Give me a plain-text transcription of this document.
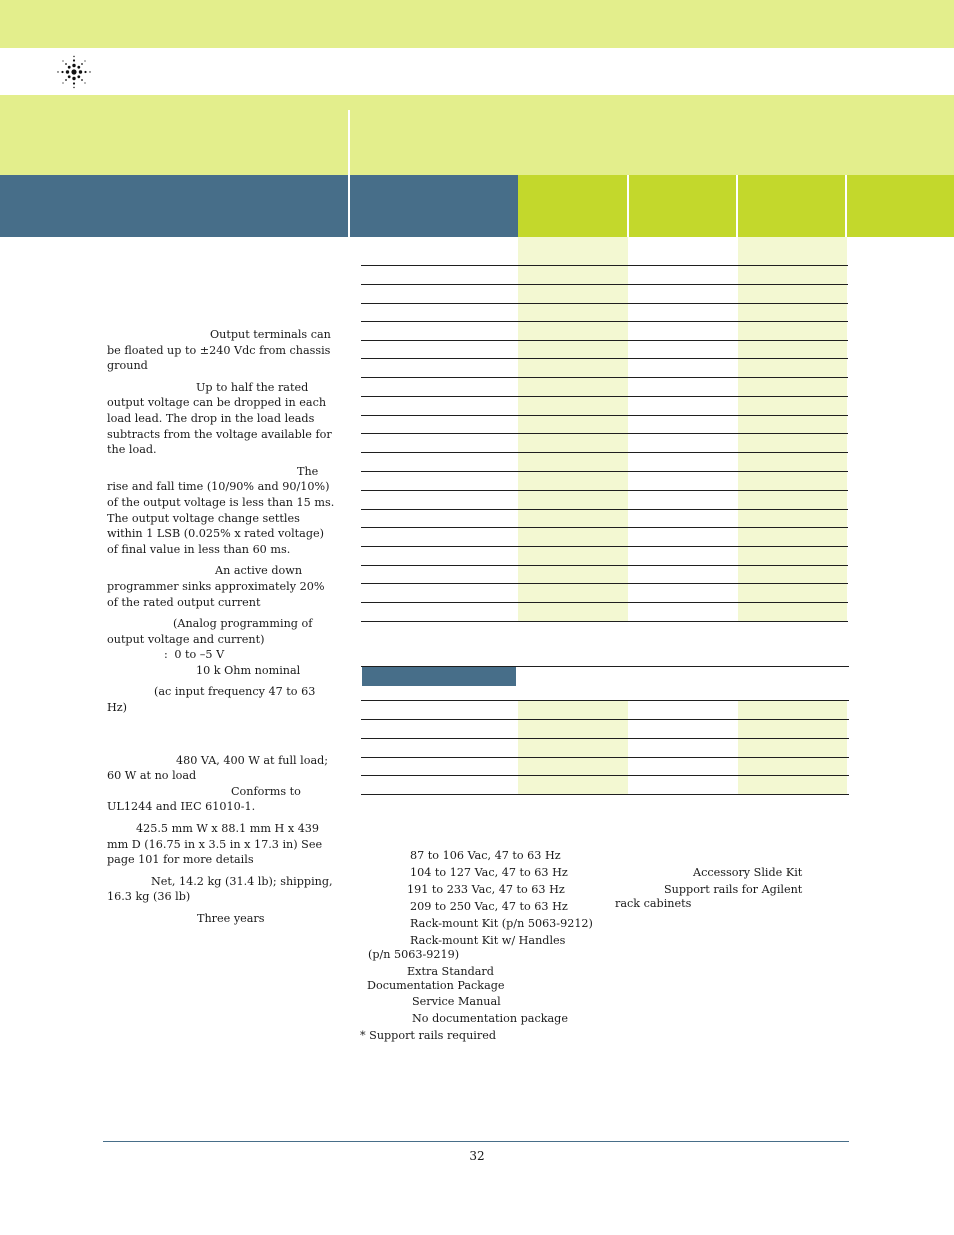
Output terminals can be floated up to ±240 Vdc from chassis ground

Up to half the rated output voltage can be dropped in each load lead. The drop in the load leads subtracts from the voltage available for the load.

The rise and fall time (10/90% and 90/10%) of the output voltage is less than 15 ms. The output voltage change settles within 1 LSB (0.025% x rated voltage) of final value in less than 60 ms.

An active down programmer sinks approximately 20% of the rated output current

(Analog programming of output voltage and current)
: 0 to –5 V
10 k Ohm nominal

(ac input frequency 47 to 63 Hz)

480 VA, 400 W at full load; 60 W at no load

Conforms to UL1244 and IEC 61010-1.

425.5 mm W x 88.1 mm H x 439 mm D (16.75 in x 3.5 in x 17.3 in) See page 101 for more details

Net, 14.2 kg (31.4 lb); shipping, 16.3 kg (36 lb)

Three years

87 to 106 Vac, 47 to 63 Hz

104 to 127 Vac, 47 to 63 Hz

191 to 233 Vac, 47 to 63 Hz

209 to 250 Vac, 47 to 63 Hz

Rack-mount Kit (p/n 5063-9212)

Rack-mount Kit w/ Handles

(p/n 5063-9219)

Extra Standard

Documentation Package

Service Manual

No documentation package

* Support rails required

Accessory Slide Kit

Support rails for Agilent

rack cabinets

32
